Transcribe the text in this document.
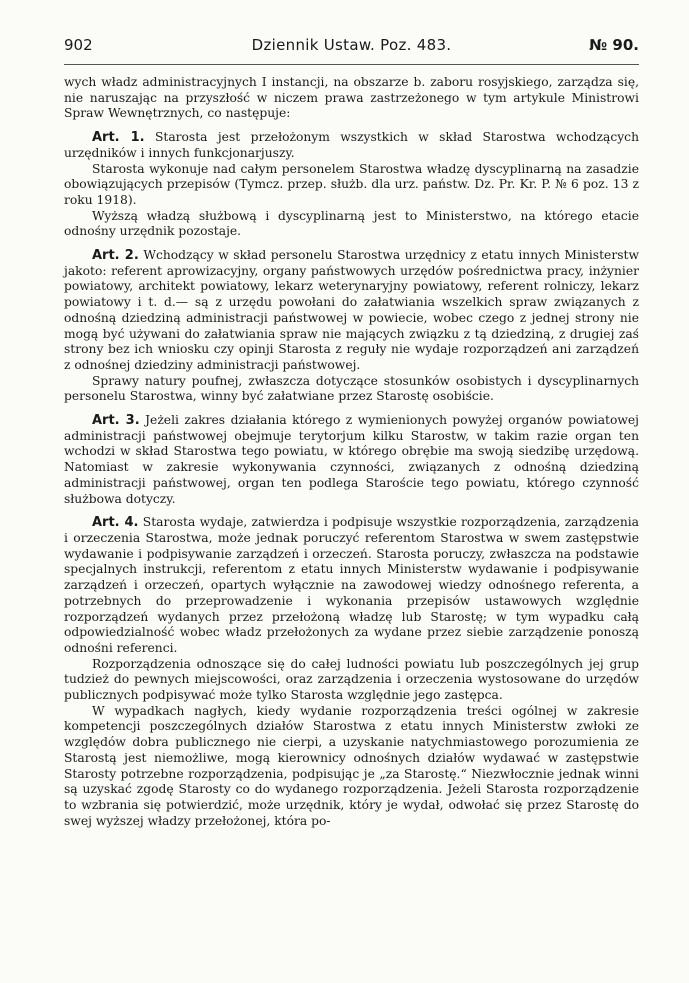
902	Dziennik Ustaw. Poz. 483.	№ 90.

wych władz administracyjnych I instancji, na obszarze b. zaboru rosyjskiego, zarządza się, nie naruszając na przyszłość w niczem prawa zastrzeżonego w tym artykule Ministrowi Spraw Wewnętrznych, co następuje:

Art. 1. Starosta jest przełożonym wszystkich w skład Starostwa wchodzących urzędników i innych funkcjonarjuszy.

Starosta wykonuje nad całym personelem Starostwa władzę dyscyplinarną na zasadzie obowiązujących przepisów (Tymcz. przep. służb. dla urz. państw. Dz. Pr. Kr. P. № 6 poz. 13 z roku 1918).

Wyższą władzą służbową i dyscyplinarną jest to Ministerstwo, na którego etacie odnośny urzędnik pozostaje.

Art. 2. Wchodzący w skład personelu Starostwa urzędnicy z etatu innych Ministerstw jakoto: referent aprowizacyjny, organy państwowych urzędów pośrednictwa pracy, inżynier powiatowy, architekt powiatowy, lekarz weterynaryjny powiatowy, referent rolniczy, lekarz powiatowy i t. d.— są z urzędu powołani do załatwiania wszelkich spraw związanych z odnośną dziedziną administracji państwowej w powiecie, wobec czego z jednej strony nie mogą być używani do załatwiania spraw nie mających związku z tą dziedziną, z drugiej zaś strony bez ich wniosku czy opinji Starosta z reguły nie wydaje rozporządzeń ani zarządzeń z odnośnej dziedziny administracji państwowej.

Sprawy natury poufnej, zwłaszcza dotyczące stosunków osobistych i dyscyplinarnych personelu Starostwa, winny być załatwiane przez Starostę osobiście.

Art. 3. Jeżeli zakres działania którego z wymienionych powyżej organów powiatowej administracji państwowej obejmuje terytorjum kilku Starostw, w takim razie organ ten wchodzi w skład Starostwa tego powiatu, w którego obrębie ma swoją siedzibę urzędową. Natomiast w zakresie wykonywania czynności, związanych z odnośną dziedziną administracji państwowej, organ ten podlega Staroście tego powiatu, którego czynność służbowa dotyczy.

Art. 4. Starosta wydaje, zatwierdza i podpisuje wszystkie rozporządzenia, zarządzenia i orzeczenia Starostwa, może jednak poruczyć referentom Starostwa w swem zastępstwie wydawanie i podpisywanie zarządzeń i orzeczeń. Starosta poruczy, zwłaszcza na podstawie specjalnych instrukcji, referentom z etatu innych Ministerstw wydawanie i podpisywanie zarządzeń i orzeczeń, opartych wyłącznie na zawodowej wiedzy odnośnego referenta, a potrzebnych do przeprowadzenie i wykonania przepisów ustawowych względnie rozporządzeń wydanych przez przełożoną władzę lub Starostę; w tym wypadku całą odpowiedzialność wobec władz przełożonych za wydane przez siebie zarządzenie ponoszą odnośni referenci.

Rozporządzenia odnoszące się do całej ludności powiatu lub poszczególnych jej grup tudzież do pewnych miejscowości, oraz zarządzenia i orzeczenia wystosowane do urzędów publicznych podpisywać może tylko Starosta względnie jego zastępca.

W wypadkach nagłych, kiedy wydanie rozporządzenia treści ogólnej w zakresie kompetencji poszczególnych działów Starostwa z etatu innych Ministerstw zwłoki ze względów dobra publicznego nie cierpi, a uzyskanie natychmiastowego porozumienia ze Starostą jest niemożliwe, mogą kierownicy odnośnych działów wydawać w zastępstwie Starosty potrzebne rozporządzenia, podpisując je „za Starostę.“ Niezwłocznie jednak winni są uzyskać zgodę Starosty co do wydanego rozporządzenia. Jeżeli Starosta rozporządzenie to wzbrania się potwierdzić, może urzędnik, który je wydał, odwołać się przez Starostę do swej wyższej władzy przełożonej, która po-
